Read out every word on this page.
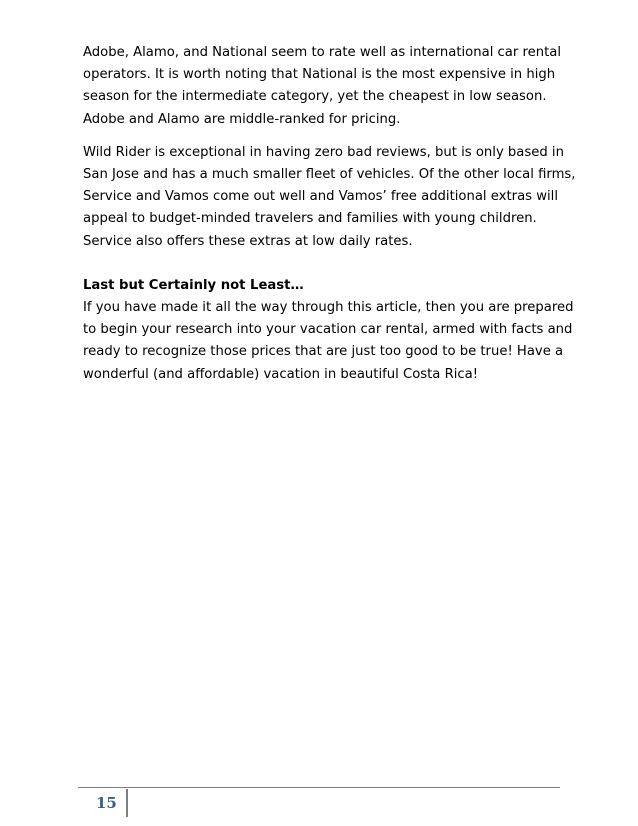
Adobe, Alamo, and National seem to rate well as international car rental operators. It is worth noting that National is the most expensive in high season for the intermediate category, yet the cheapest in low season. Adobe and Alamo are middle-ranked for pricing.

Wild Rider is exceptional in having zero bad reviews, but is only based in San Jose and has a much smaller fleet of vehicles. Of the other local firms, Service and Vamos come out well and Vamos’ free additional extras will appeal to budget-minded travelers and families with young children. Service also offers these extras at low daily rates.

Last but Certainly not Least…

If you have made it all the way through this article, then you are prepared to begin your research into your vacation car rental, armed with facts and ready to recognize those prices that are just too good to be true! Have a wonderful (and affordable) vacation in beautiful Costa Rica!

15
